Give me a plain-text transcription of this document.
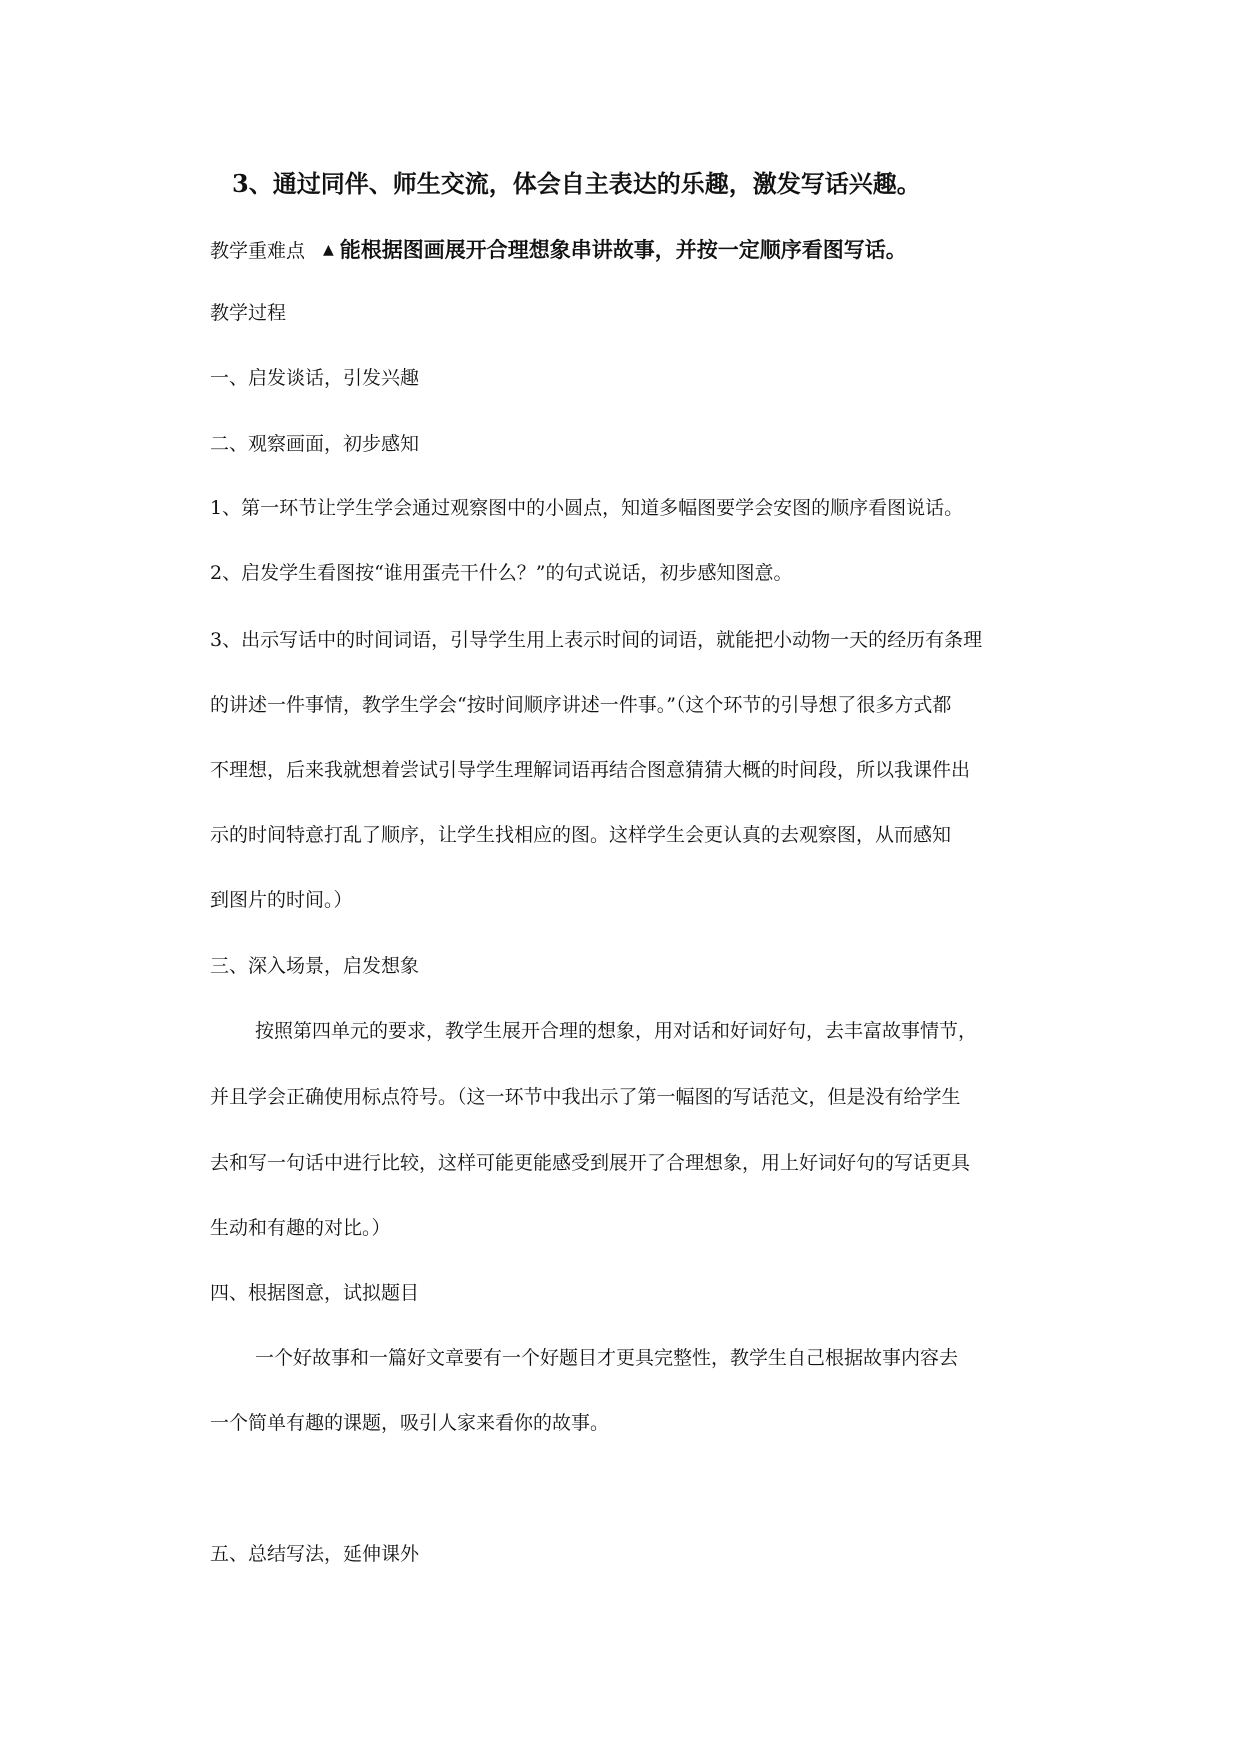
3、通过同伴、师生交流，体会自主表达的乐趣，激发写话兴趣。
教学重难点 ▲ 能根据图画展开合理想象串讲故事，并按一定顺序看图写话。
教学过程
一、启发谈话，引发兴趣
二、观察画面，初步感知
1、第一环节让学生学会通过观察图中的小圆点，知道多幅图要学会安图的顺序看图说话。
2、启发学生看图按“谁用蛋壳干什么？”的句式说话，初步感知图意。
3、出示写话中的时间词语，引导学生用上表示时间的词语，就能把小动物一天的经历有条理
的讲述一件事情，教学生学会“按时间顺序讲述一件事。”（这个环节的引导想了很多方式都
不理想，后来我就想着尝试引导学生理解词语再结合图意猜猜大概的时间段，所以我课件出
示的时间特意打乱了顺序，让学生找相应的图。这样学生会更认真的去观察图，从而感知
到图片的时间。）
三、深入场景，启发想象
按照第四单元的要求，教学生展开合理的想象，用对话和好词好句，去丰富故事情节，
并且学会正确使用标点符号。（这一环节中我出示了第一幅图的写话范文，但是没有给学生
去和写一句话中进行比较，这样可能更能感受到展开了合理想象，用上好词好句的写话更具
生动和有趣的对比。）
四、根据图意，试拟题目
一个好故事和一篇好文章要有一个好题目才更具完整性，教学生自己根据故事内容去
一个简单有趣的课题，吸引人家来看你的故事。
五、总结写法，延伸课外
